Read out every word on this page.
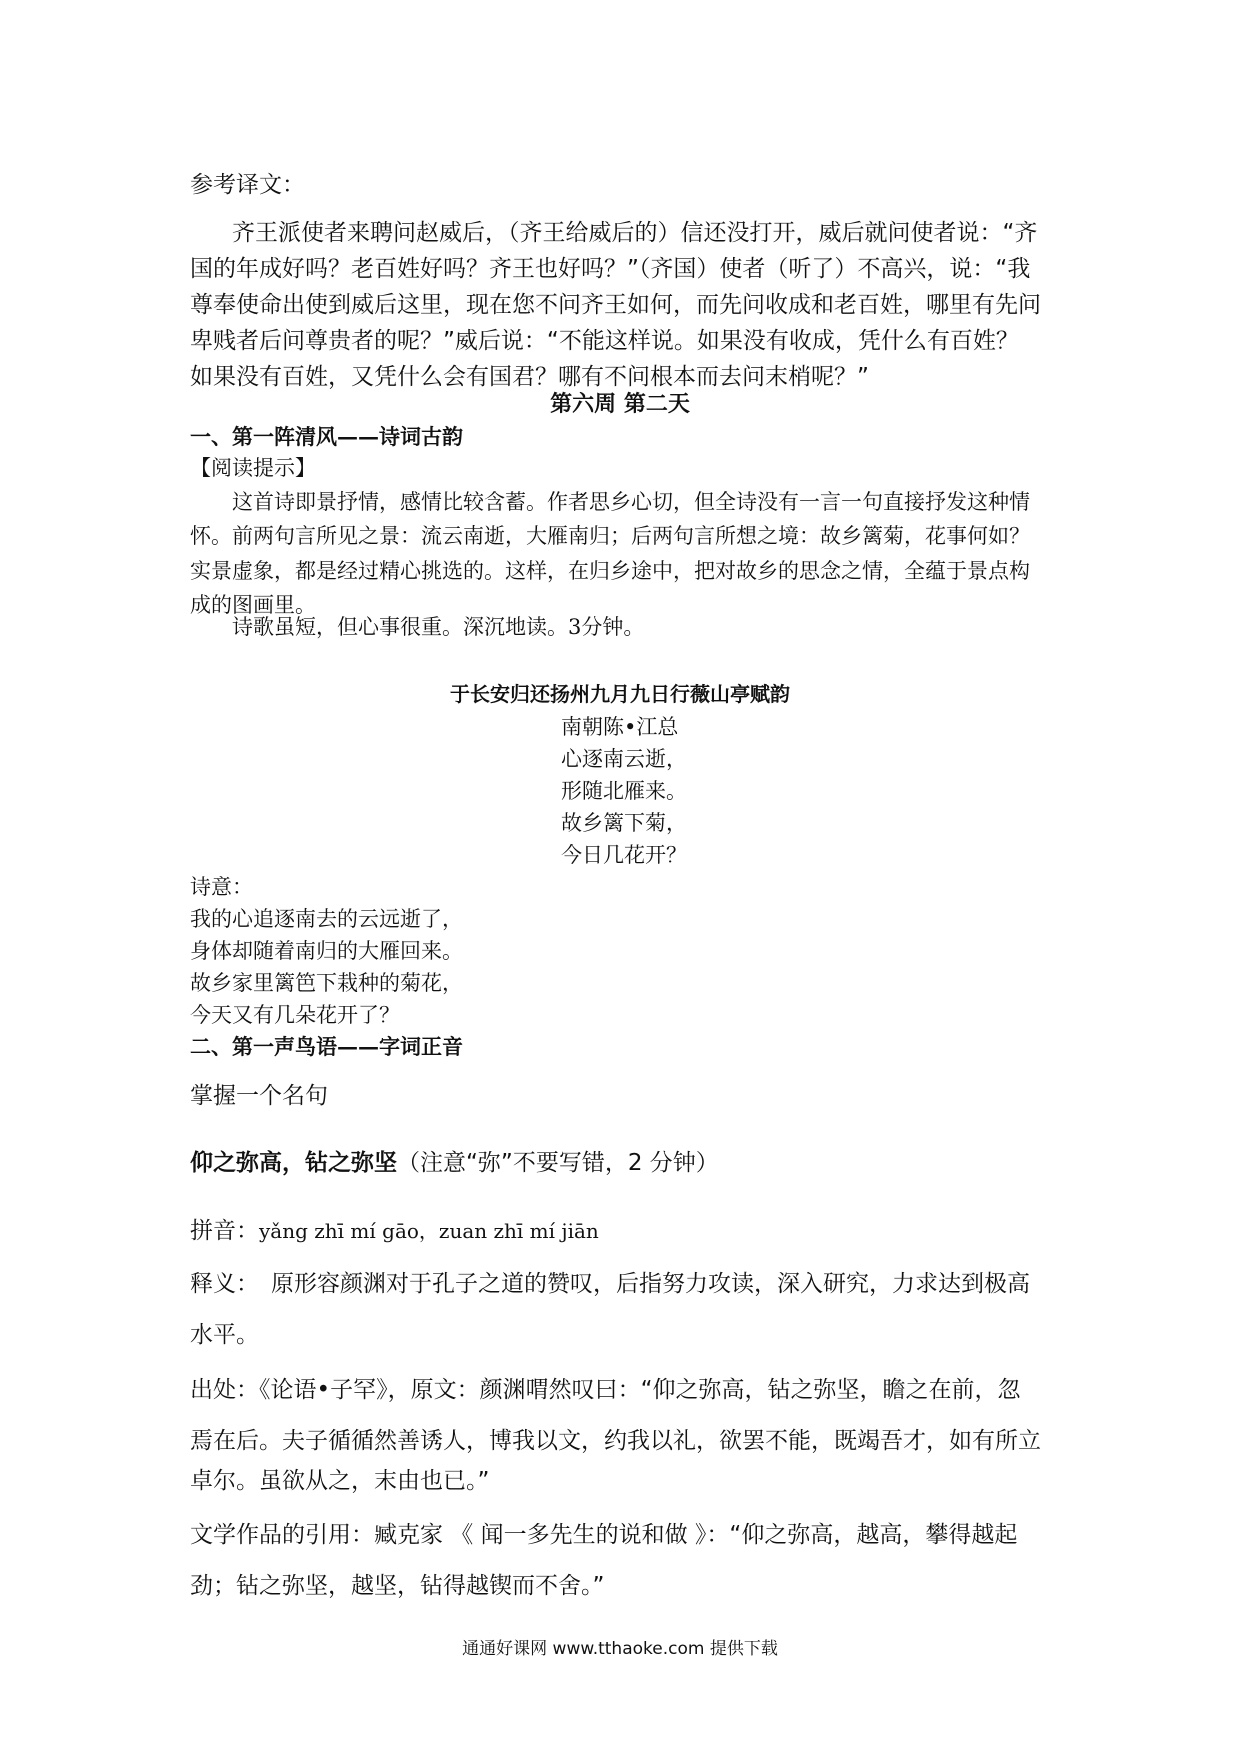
参考译文：
齐王派使者来聘问赵威后，（齐王给威后的）信还没打开，威后就问使者说：“齐
国的年成好吗？老百姓好吗？齐王也好吗？”（齐国）使者（听了）不高兴，说：“我
尊奉使命出使到威后这里，现在您不问齐王如何，而先问收成和老百姓，哪里有先问
卑贱者后问尊贵者的呢？”威后说：“不能这样说。如果没有收成，凭什么有百姓？
如果没有百姓，又凭什么会有国君？哪有不问根本而去问末梢呢？”
第六周 第二天
一、第一阵清风——诗词古韵
【阅读提示】
这首诗即景抒情，感情比较含蓄。作者思乡心切，但全诗没有一言一句直接抒发这种情
怀。前两句言所见之景：流云南逝，大雁南归；后两句言所想之境：故乡篱菊，花事何如？
实景虚象，都是经过精心挑选的。这样，在归乡途中，把对故乡的思念之情，全蕴于景点构
成的图画里。
诗歌虽短，但心事很重。深沉地读。3分钟。
于长安归还扬州九月九日行薇山亭赋韵
南朝陈•江总
心逐南云逝，
形随北雁来。
故乡篱下菊，
今日几花开？
诗意：
我的心追逐南去的云远逝了，
身体却随着南归的大雁回来。
故乡家里篱笆下栽种的菊花，
今天又有几朵花开了？
二、第一声鸟语——字词正音
掌握一个名句
仰之弥高，钻之弥坚（注意“弥”不要写错，2 分钟）
拼音：yǎng zhī mí gāo，zuan zhī mí jiān
释义： 原形容颜渊对于孔子之道的赞叹，后指努力攻读，深入研究，力求达到极高
水平。
出处：《论语•子罕》，原文：颜渊喟然叹曰：“仰之弥高，钻之弥坚，瞻之在前，忽
焉在后。夫子循循然善诱人，博我以文，约我以礼，欲罢不能，既竭吾才，如有所立
卓尔。虽欲从之，末由也已。”
文学作品的引用：臧克家 《 闻一多先生的说和做 》：“仰之弥高，越高，攀得越起
劲；钻之弥坚，越坚，钻得越锲而不舍。”
通通好课网 www.tthaoke.com 提供下载
